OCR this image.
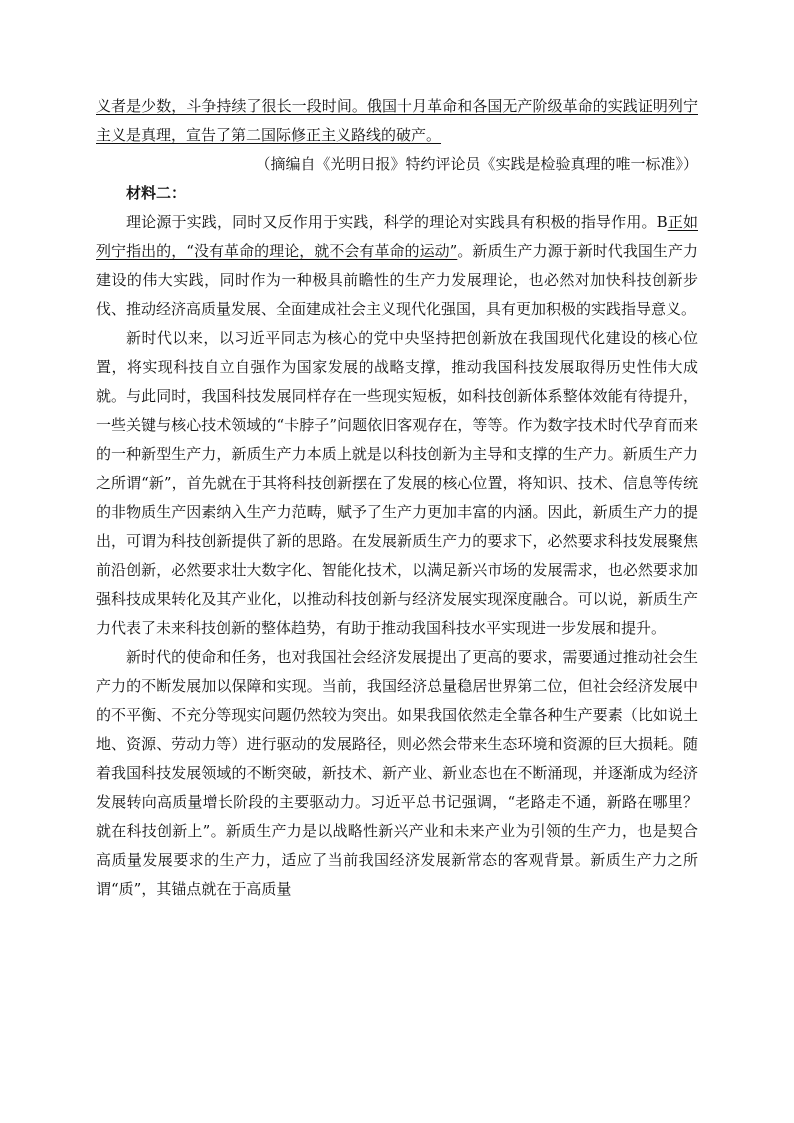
义者是少数，斗争持续了很长一段时间。俄国十月革命和各国无产阶级革命的实践证明列宁主义是真理，宣告了第二国际修正主义路线的破产。

（摘编自《光明日报》特约评论员《实践是检验真理的唯一标准》）

材料二：

理论源于实践，同时又反作用于实践，科学的理论对实践具有积极的指导作用。B正如列宁指出的，“没有革命的理论，就不会有革命的运动”。新质生产力源于新时代我国生产力建设的伟大实践，同时作为一种极具前瞻性的生产力发展理论，也必然对加快科技创新步伐、推动经济高质量发展、全面建成社会主义现代化强国，具有更加积极的实践指导意义。

新时代以来，以习近平同志为核心的党中央坚持把创新放在我国现代化建设的核心位置，将实现科技自立自强作为国家发展的战略支撑，推动我国科技发展取得历史性伟大成就。与此同时，我国科技发展同样存在一些现实短板，如科技创新体系整体效能有待提升，一些关键与核心技术领域的“卡脖子”问题依旧客观存在，等等。作为数字技术时代孕育而来的一种新型生产力，新质生产力本质上就是以科技创新为主导和支撑的生产力。新质生产力之所谓“新”，首先就在于其将科技创新摆在了发展的核心位置，将知识、技术、信息等传统的非物质生产因素纳入生产力范畴，赋予了生产力更加丰富的内涵。因此，新质生产力的提出，可谓为科技创新提供了新的思路。在发展新质生产力的要求下，必然要求科技发展聚焦前沿创新，必然要求壮大数字化、智能化技术，以满足新兴市场的发展需求，也必然要求加强科技成果转化及其产业化，以推动科技创新与经济发展实现深度融合。可以说，新质生产力代表了未来科技创新的整体趋势，有助于推动我国科技水平实现进一步发展和提升。

新时代的使命和任务，也对我国社会经济发展提出了更高的要求，需要通过推动社会生产力的不断发展加以保障和实现。当前，我国经济总量稳居世界第二位，但社会经济发展中的不平衡、不充分等现实问题仍然较为突出。如果我国依然走全靠各种生产要素（比如说土地、资源、劳动力等）进行驱动的发展路径，则必然会带来生态环境和资源的巨大损耗。随着我国科技发展领域的不断突破，新技术、新产业、新业态也在不断涌现，并逐渐成为经济发展转向高质量增长阶段的主要驱动力。习近平总书记强调，“老路走不通，新路在哪里？就在科技创新上”。新质生产力是以战略性新兴产业和未来产业为引领的生产力，也是契合高质量发展要求的生产力，适应了当前我国经济发展新常态的客观背景。新质生产力之所谓“质”，其锚点就在于高质量
